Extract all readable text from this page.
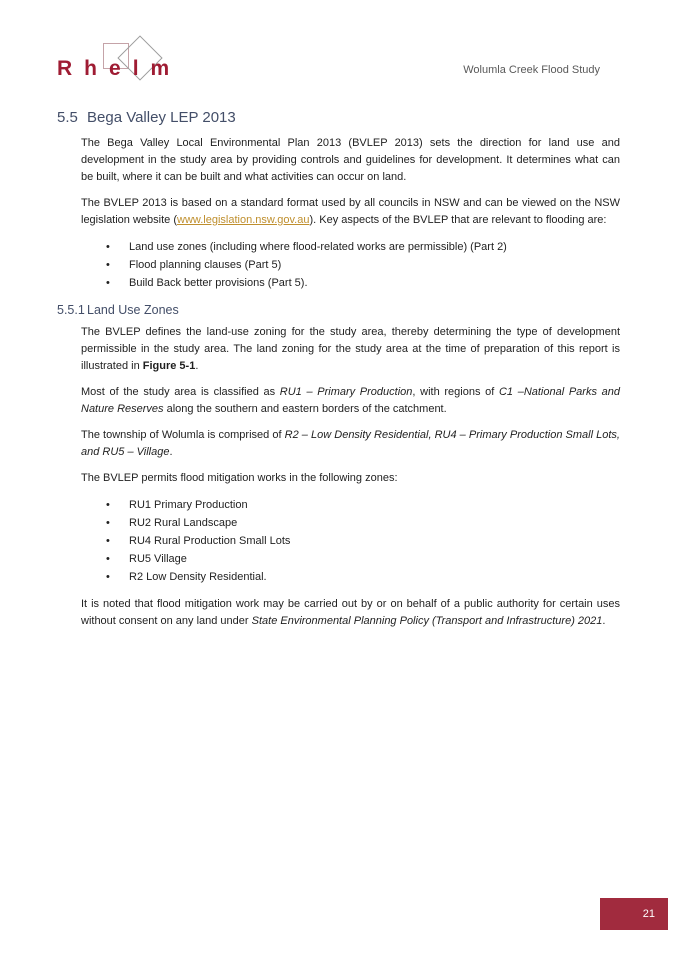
R h e l m	Wolumla Creek Flood Study
5.5 Bega Valley LEP 2013

The Bega Valley Local Environmental Plan 2013 (BVLEP 2013) sets the direction for land use and development in the study area by providing controls and guidelines for development. It determines what can be built, where it can be built and what activities can occur on land.

The BVLEP 2013 is based on a standard format used by all councils in NSW and can be viewed on the NSW legislation website (www.legislation.nsw.gov.au). Key aspects of the BVLEP that are relevant to flooding are:

• Land use zones (including where flood-related works are permissible) (Part 2)
• Flood planning clauses (Part 5)
• Build Back better provisions (Part 5).
5.5.1 Land Use Zones

The BVLEP defines the land-use zoning for the study area, thereby determining the type of development permissible in the study area. The land zoning for the study area at the time of preparation of this report is illustrated in Figure 5-1.

Most of the study area is classified as RU1 – Primary Production, with regions of C1 –National Parks and Nature Reserves along the southern and eastern borders of the catchment.

The township of Wolumla is comprised of R2 – Low Density Residential, RU4 – Primary Production Small Lots, and RU5 – Village.

The BVLEP permits flood mitigation works in the following zones:

• RU1 Primary Production
• RU2 Rural Landscape
• RU4 Rural Production Small Lots
• RU5 Village
• R2 Low Density Residential.

It is noted that flood mitigation work may be carried out by or on behalf of a public authority for certain uses without consent on any land under State Environmental Planning Policy (Transport and Infrastructure) 2021.

21
